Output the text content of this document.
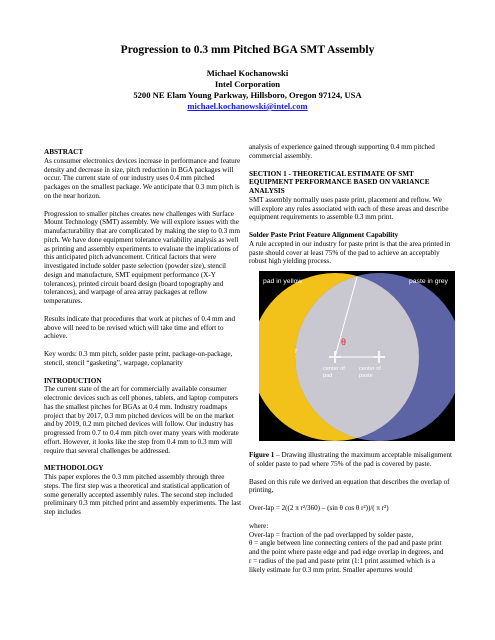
Progression to 0.3 mm Pitched BGA SMT Assembly
Michael Kochanowski
Intel Corporation
5200 NE Elam Young Parkway, Hillsboro, Oregon 97124, USA
michael.kochanowski@intel.com
ABSTRACT

As consumer electronics devices increase in performance and feature density and decrease in size, pitch reduction in BGA packages will occur. The current state of our industry uses 0.4 mm pitched packages on the smallest package. We anticipate that 0.3 mm pitch is on the near horizon.

Progression to smaller pitches creates new challenges with Surface Mount Technology (SMT) assembly. We will explore issues with the manufacturability that are complicated by making the step to 0.3 mm pitch. We have done equipment tolerance variability analysis as well as printing and assembly experiments to evaluate the implications of this anticipated pitch advancement. Critical factors that were investigated include solder paste selection (powder size), stencil design and manufacture, SMT equipment performance (X-Y tolerances), printed circuit board design (board topography and tolerances), and warpage of area array packages at reflow temperatures.

Results indicate that procedures that work at pitches of 0.4 mm and above will need to be revised which will take time and effort to achieve.

Key words: 0.3 mm pitch, solder paste print, package-on-package, stencil, stencil “gasketing”, warpage, coplanarity

INTRODUCTION

The current state of the art for commercially available consumer electronic devices such as cell phones, tablets, and laptop computers has the smallest pitches for BGAs at 0.4 mm. Industry roadmaps project that by 2017, 0.3 mm pitched devices will be on the market and by 2019, 0.2 mm pitched devices will follow. Our industry has progressed from 0.7 to 0.4 mm pitch over many years with moderate effort. However, it looks like the step from 0.4 mm to 0.3 mm will require that several challenges be addressed.

METHODOLOGY

This paper explores the 0.3 mm pitched assembly through three steps. The first step was a theoretical and statistical application of some generally accepted assembly rules. The second step included preliminary 0.3 mm pitched print and assembly experiments. The last step includes

analysis of experience gained through supporting 0.4 mm pitched commercial assembly.

SECTION 1 - THEORETICAL ESTIMATE OF SMT EQUIPMENT PERFORMANCE BASED ON VARIANCE ANALYSIS

SMT assembly normally uses paste print, placement and reflow. We will explore any rules associated with each of these areas and describe equipment requirements to assemble 0.3 mm print.

Solder Paste Print Feature Alignment Capability

A rule accepted in our industry for paste print is that the area printed in paste should cover at least 75% of the pad to achieve an acceptably robust high yielding process.

pad in yellow	paste in grey
r
θ
center of
pad
center of
paste

Figure 1 – Drawing illustrating the maximum acceptable misalignment of solder paste to pad where 75% of the pad is covered by paste.

Based on this rule we derived an equation that describes the overlap of printing,

Over-lap = 2((2 π r²/360) – (sin θ cos θ r²))/( π r²)

where:

Over-lap = fraction of the pad overlapped by solder paste,

θ = angle between line connecting centers of the pad and paste print and the point where paste edge and pad edge overlap in degrees, and

r = radius of the pad and paste print (1:1 print assumed which is a likely estimate for 0.3 mm print. Smaller apertures would
